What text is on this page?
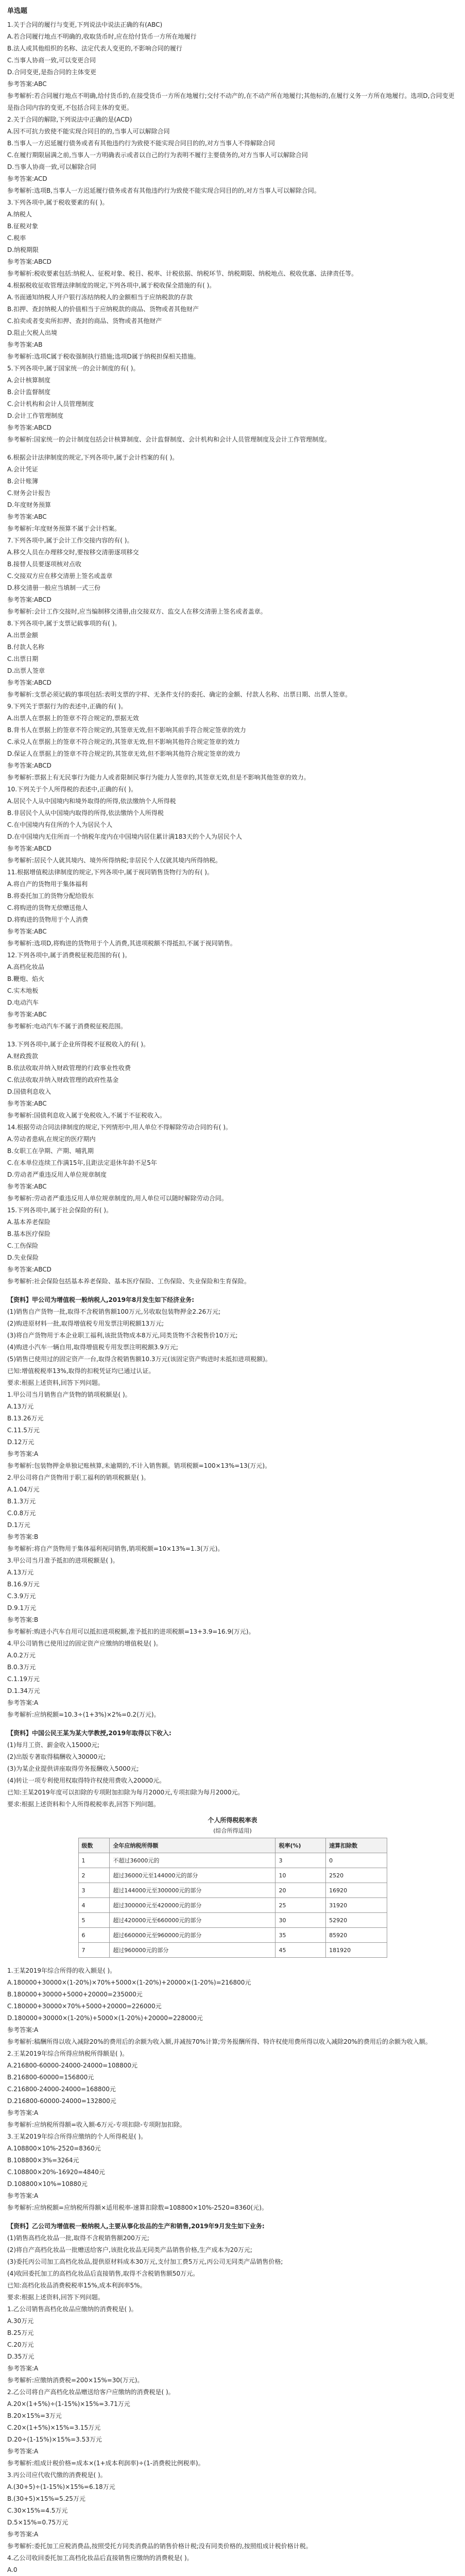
单选题
1.关于合同的履行与变更,下列说法中说法正确的有(ABC)
A.若合同履行地点不明确的,收取货币时,应在给付货币一方所在地履行
B.法人或其他组织的名称、法定代表人变更的,不影响合同的履行
C.当事人协商一致,可以变更合同
D.合同变更,是指合同的主体变更
参考答案:ABC
参考解析:若合同履行地点不明确,给付货币的,在接受货币一方所在地履行;交付不动产的,在不动产所在地履行;其他标的,在履行义务一方所在地履行。选项D,合同变更是指合同内容的变更,不包括合同主体的变更。
2.关于合同的解除,下列说法中正确的是(ACD)
A.因不可抗力致使不能实现合同目的的,当事人可以解除合同
B.当事人一方迟延履行债务或者有其他违约行为致使不能实现合同目的的,对方当事人不得解除合同
C.在履行期限届满之前,当事人一方明确表示或者以自己的行为表明不履行主要债务的,对方当事人可以解除合同
D.当事人协商一致,可以解除合同
参考答案:ACD
参考解析:选项B,当事人一方迟延履行债务或者有其他违约行为致使不能实现合同目的的,对方当事人可以解除合同。
3.下列各项中,属于税收要素的有( )。
A.纳税人
B.征税对象
C.税率
D.纳税期限
参考答案:ABCD
参考解析:税收要素包括:纳税人、征税对象、税目、税率、计税依据、纳税环节、纳税期限、纳税地点、税收优惠、法律责任等。
4.根据税收征收管理法律制度的规定,下列各项中,属于税收保全措施的有( )。
A.书面通知纳税人开户银行冻结纳税人的金额相当于应纳税款的存款
B.扣押、查封纳税人的价值相当于应纳税款的商品、货物或者其他财产
C.拍卖或者变卖所扣押、查封的商品、货物或者其他财产
D.阻止欠税人出境
参考答案:AB
参考解析:选项C属于税收强制执行措施;选项D属于纳税担保相关措施。
5.下列各项中,属于国家统一的会计制度的有( )。
A.会计核算制度
B.会计监督制度
C.会计机构和会计人员管理制度
D.会计工作管理制度
参考答案:ABCD
参考解析:国家统一的会计制度包括会计核算制度、会计监督制度、会计机构和会计人员管理制度及会计工作管理制度。
6.根据会计法律制度的规定,下列各项中,属于会计档案的有( )。
A.会计凭证
B.会计账簿
C.财务会计报告
D.年度财务预算
参考答案:ABC
参考解析:年度财务预算不属于会计档案。
7.下列各项中,属于会计工作交接内容的有( )。
A.移交人员在办理移交时,要按移交清册逐项移交
B.接替人员要逐项核对点收
C.交接双方应在移交清册上签名或盖章
D.移交清册一般应当填制一式三份
参考答案:ABCD
参考解析:会计工作交接时,应当编制移交清册,由交接双方、监交人在移交清册上签名或者盖章。
8.下列各项中,属于支票记载事项的有( )。
A.出票金额
B.付款人名称
C.出票日期
D.出票人签章
参考答案:ABCD
参考解析:支票必须记载的事项包括:表明支票的字样、无条件支付的委托、确定的金额、付款人名称、出票日期、出票人签章。
9.下列关于票据行为的表述中,正确的有( )。
A.出票人在票据上的签章不符合规定的,票据无效
B.背书人在票据上的签章不符合规定的,其签章无效,但不影响其前手符合规定签章的效力
C.承兑人在票据上的签章不符合规定的,其签章无效,但不影响其他符合规定签章的效力
D.保证人在票据上的签章不符合规定的,其签章无效,但不影响其他符合规定签章的效力
参考答案:ABCD
参考解析:票据上有无民事行为能力人或者限制民事行为能力人签章的,其签章无效,但是不影响其他签章的效力。
10.下列关于个人所得税的表述中,正确的有( )。
A.居民个人从中国境内和境外取得的所得,依法缴纳个人所得税
B.非居民个人从中国境内取得的所得,依法缴纳个人所得税
C.在中国境内有住所的个人为居民个人
D.在中国境内无住所而一个纳税年度内在中国境内居住累计满183天的个人为居民个人
参考答案:ABCD
参考解析:居民个人就其境内、境外所得纳税;非居民个人仅就其境内所得纳税。
11.根据增值税法律制度的规定,下列各项中,属于视同销售货物行为的有( )。
A.将自产的货物用于集体福利
B.将委托加工的货物分配给股东
C.将购进的货物无偿赠送他人
D.将购进的货物用于个人消费
参考答案:ABC
参考解析:选项D,将购进的货物用于个人消费,其进项税额不得抵扣,不属于视同销售。
12.下列各项中,属于消费税征税范围的有( )。
A.高档化妆品
B.鞭炮、焰火
C.实木地板
D.电动汽车
参考答案:ABC
参考解析:电动汽车不属于消费税征税范围。
13.下列各项中,属于企业所得税不征税收入的有( )。
A.财政拨款
B.依法收取并纳入财政管理的行政事业性收费
C.依法收取并纳入财政管理的政府性基金
D.国债利息收入
参考答案:ABC
参考解析:国债利息收入属于免税收入,不属于不征税收入。
14.根据劳动合同法律制度的规定,下列情形中,用人单位不得解除劳动合同的有( )。
A.劳动者患病,在规定的医疗期内
B.女职工在孕期、产期、哺乳期
C.在本单位连续工作满15年,且距法定退休年龄不足5年
D.劳动者严重违反用人单位规章制度
参考答案:ABC
参考解析:劳动者严重违反用人单位规章制度的,用人单位可以随时解除劳动合同。
15.下列各项中,属于社会保险的有( )。
A.基本养老保险
B.基本医疗保险
C.工伤保险
D.失业保险
参考答案:ABCD
参考解析:社会保险包括基本养老保险、基本医疗保险、工伤保险、失业保险和生育保险。
【资料】甲公司为增值税一般纳税人,2019年8月发生如下经济业务:
(1)销售自产货物一批,取得不含税销售额100万元,另收取包装物押金2.26万元;
(2)购进原材料一批,取得增值税专用发票注明税额13万元;
(3)将自产货物用于本企业职工福利,该批货物成本8万元,同类货物不含税售价10万元;
(4)购进小汽车一辆自用,取得增值税专用发票注明税额3.9万元;
(5)销售已使用过的固定资产一台,取得含税销售额10.3万元(该固定资产购进时未抵扣进项税额)。
已知:增值税税率13%,取得的扣税凭证均已通过认证。
要求:根据上述资料,回答下列问题。
1.甲公司当月销售自产货物的销项税额是( )。
A.13万元
B.13.26万元
C.11.5万元
D.12万元
参考答案:A
参考解析:包装物押金单独记账核算,未逾期的,不计入销售额。销项税额=100×13%=13(万元)。
2.甲公司将自产货物用于职工福利的销项税额是( )。
A.1.04万元
B.1.3万元
C.0.8万元
D.1万元
参考答案:B
参考解析:将自产货物用于集体福利视同销售,销项税额=10×13%=1.3(万元)。
3.甲公司当月准予抵扣的进项税额是( )。
A.13万元
B.16.9万元
C.3.9万元
D.9.1万元
参考答案:B
参考解析:购进小汽车自用可以抵扣进项税额,准予抵扣的进项税额=13+3.9=16.9(万元)。
4.甲公司销售已使用过的固定资产应缴纳的增值税是( )。
A.0.2万元
B.0.3万元
C.1.19万元
D.1.34万元
参考答案:A
参考解析:应纳税额=10.3÷(1+3%)×2%=0.2(万元)。
【资料】中国公民王某为某大学教授,2019年取得以下收入:
(1)每月工资、薪金收入15000元;
(2)出版专著取得稿酬收入30000元;
(3)为某企业提供讲座取得劳务报酬收入5000元;
(4)转让一项专利使用权取得特许权使用费收入20000元。
已知:王某2019年度可以扣除的专项附加扣除为每月2000元,专项扣除为每月2000元。
要求:根据上述资料和个人所得税税率表,回答下列问题。
个人所得税税率表
(综合所得适用)
级数	全年应纳税所得额	税率(%)	速算扣除数
1	不超过36000元的	3	0
2	超过36000元至144000元的部分	10	2520
3	超过144000元至300000元的部分	20	16920
4	超过300000元至420000元的部分	25	31920
5	超过420000元至660000元的部分	30	52920
6	超过660000元至960000元的部分	35	85920
7	超过960000元的部分	45	181920
1.王某2019年综合所得的收入额是( )。
A.180000+30000×(1-20%)×70%+5000×(1-20%)+20000×(1-20%)=216800元
B.180000+30000+5000+20000=235000元
C.180000+30000×70%+5000+20000=226000元
D.180000+30000×(1-20%)+5000×(1-20%)+20000=228000元
参考答案:A
参考解析:稿酬所得以收入减除20%的费用后的余额为收入额,并减按70%计算;劳务报酬所得、特许权使用费所得以收入减除20%的费用后的余额为收入额。
2.王某2019年综合所得应纳税所得额是( )。
A.216800-60000-24000-24000=108800元
B.216800-60000=156800元
C.216800-24000-24000=168800元
D.216800-60000-24000=132800元
参考答案:A
参考解析:应纳税所得额=收入额-6万元-专项扣除-专项附加扣除。
3.王某2019年综合所得应缴纳的个人所得税是( )。
A.108800×10%-2520=8360元
B.108800×3%=3264元
C.108800×20%-16920=4840元
D.108800×10%=10880元
参考答案:A
参考解析:应纳税额=应纳税所得额×适用税率-速算扣除数=108800×10%-2520=8360(元)。
【资料】乙公司为增值税一般纳税人,主要从事化妆品的生产和销售,2019年9月发生如下业务:
(1)销售高档化妆品一批,取得不含税销售额200万元;
(2)将自产高档化妆品一批赠送给客户,该批化妆品无同类产品销售价格,生产成本为20万元;
(3)委托丙公司加工高档化妆品,提供原材料成本30万元,支付加工费5万元,丙公司无同类产品销售价格;
(4)收回委托加工的高档化妆品后直接销售,取得不含税销售额50万元。
已知:高档化妆品消费税税率15%,成本利润率5%。
要求:根据上述资料,回答下列问题。
1.乙公司销售高档化妆品应缴纳的消费税是( )。
A.30万元
B.25万元
C.20万元
D.35万元
参考答案:A
参考解析:应缴纳消费税=200×15%=30(万元)。
2.乙公司将自产高档化妆品赠送给客户应缴纳的消费税是( )。
A.20×(1+5%)÷(1-15%)×15%=3.71万元
B.20×15%=3万元
C.20×(1+5%)×15%=3.15万元
D.20÷(1-15%)×15%=3.53万元
参考答案:A
参考解析:组成计税价格=成本×(1+成本利润率)÷(1-消费税比例税率)。
3.丙公司应代收代缴的消费税是( )。
A.(30+5)÷(1-15%)×15%=6.18万元
B.(30+5)×15%=5.25万元
C.30×15%=4.5万元
D.5×15%=0.75万元
参考答案:A
参考解析:委托加工应税消费品,按照受托方同类消费品的销售价格计税;没有同类价格的,按照组成计税价格计税。
4.乙公司收回委托加工高档化妆品后直接销售应缴纳的消费税是( )。
A.0
